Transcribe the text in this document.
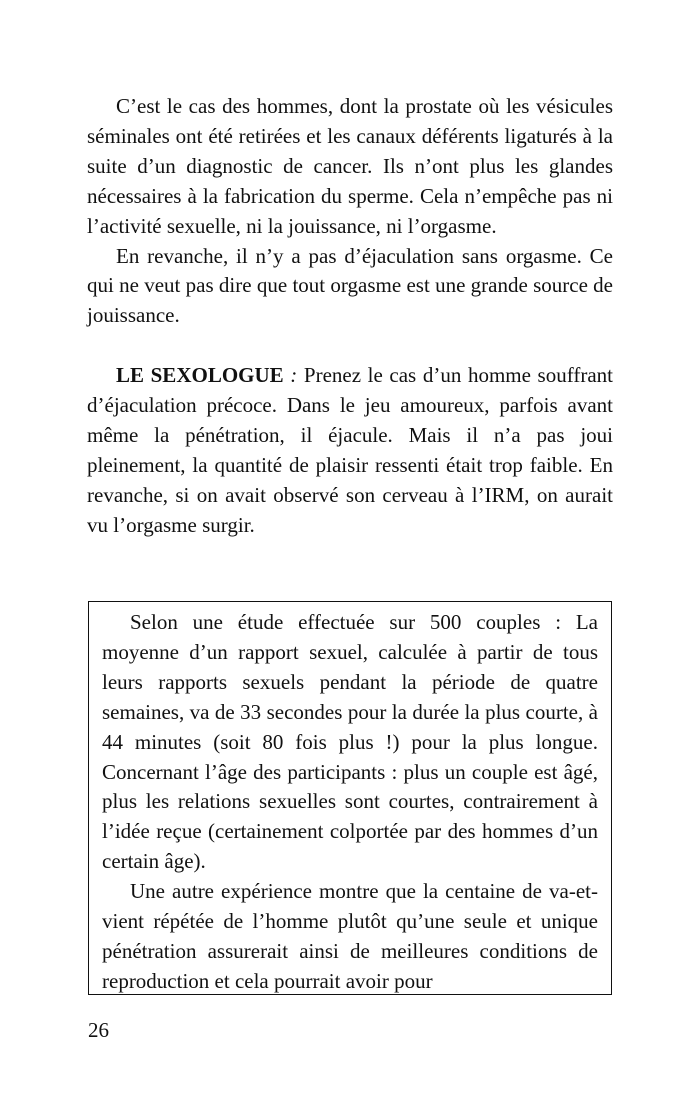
C’est le cas des hommes, dont la prostate où les vésicules séminales ont été retirées et les canaux déférents ligaturés à la suite d’un diagnostic de cancer. Ils n’ont plus les glandes nécessaires à la fabrication du sperme. Cela n’empêche pas ni l’activité sexuelle, ni la jouissance, ni l’orgasme.

En revanche, il n’y a pas d’éjaculation sans orgasme. Ce qui ne veut pas dire que tout orgasme est une grande source de jouissance.

LE SEXOLOGUE : Prenez le cas d’un homme souffrant d’éjaculation précoce. Dans le jeu amoureux, parfois avant même la pénétration, il éjacule. Mais il n’a pas joui pleinement, la quantité de plaisir ressenti était trop faible. En revanche, si on avait observé son cerveau à l’IRM, on aurait vu l’orgasme surgir.

Selon une étude effectuée sur 500 couples : La moyenne d’un rapport sexuel, calculée à partir de tous leurs rapports sexuels pendant la période de quatre semaines, va de 33 secondes pour la durée la plus courte, à 44 minutes (soit 80 fois plus !) pour la plus longue. Concernant l’âge des participants : plus un couple est âgé, plus les relations sexuelles sont courtes, contrairement à l’idée reçue (certainement colportée par des hommes d’un certain âge).

Une autre expérience montre que la centaine de va-et-vient répétée de l’homme plutôt qu’une seule et unique pénétration assurerait ainsi de meilleures conditions de reproduction et cela pourrait avoir pour

26
